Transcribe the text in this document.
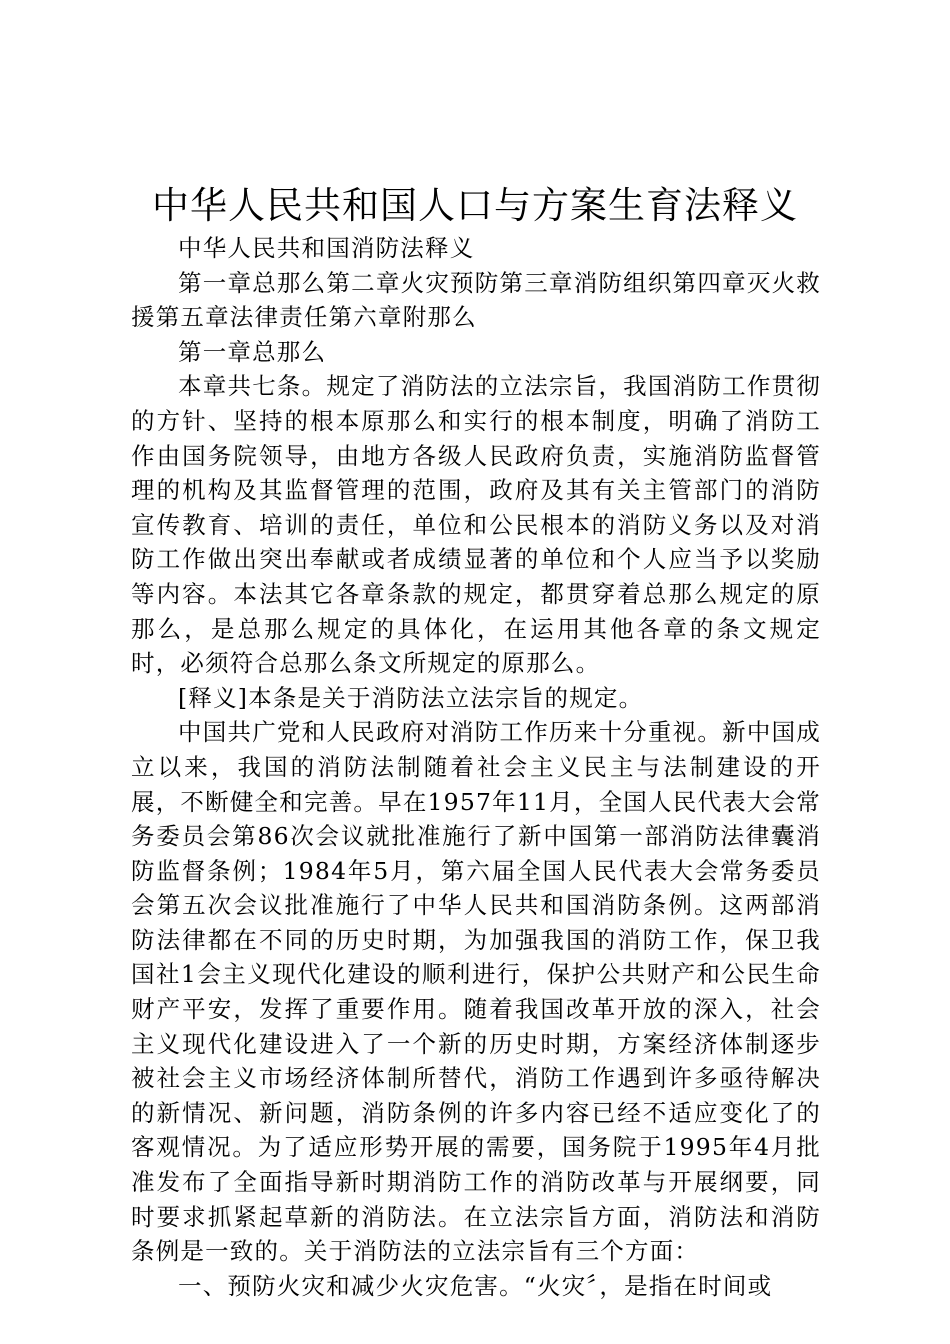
中华人民共和国人口与方案生育法释义

中华人民共和国消防法释义

第一章总那么第二章火灾预防第三章消防组织第四章灭火救援第五章法律责任第六章附那么

第一章总那么

本章共七条。规定了消防法的立法宗旨，我国消防工作贯彻的方针、坚持的根本原那么和实行的根本制度，明确了消防工作由国务院领导，由地方各级人民政府负责，实施消防监督管理的机构及其监督管理的范围，政府及其有关主管部门的消防宣传教育、培训的责任，单位和公民根本的消防义务以及对消防工作做出突出奉献或者成绩显著的单位和个人应当予以奖励等内容。本法其它各章条款的规定，都贯穿着总那么规定的原那么，是总那么规定的具体化，在运用其他各章的条文规定时，必须符合总那么条文所规定的原那么。

[释义]本条是关于消防法立法宗旨的规定。

中国共广党和人民政府对消防工作历来十分重视。新中国成立以来，我国的消防法制随着社会主义民主与法制建设的开展，不断健全和完善。早在1957年11月，全国人民代表大会常务委员会第86次会议就批准施行了新中国第一部消防法律囊消防监督条例；1984年5月，第六届全国人民代表大会常务委员会第五次会议批准施行了中华人民共和国消防条例。这两部消防法律都在不同的历史时期，为加强我国的消防工作，保卫我国社1会主义现代化建设的顺利进行，保护公共财产和公民生命财产平安，发挥了重要作用。随着我国改革开放的深入，社会主义现代化建设进入了一个新的历史时期，方案经济体制逐步被社会主义市场经济体制所替代，消防工作遇到许多亟待解决的新情况、新问题，消防条例的许多内容已经不适应变化了的客观情况。为了适应形势开展的需要，国务院于1995年4月批准发布了全面指导新时期消防工作的消防改革与开展纲要，同时要求抓紧起草新的消防法。在立法宗旨方面，消防法和消防条例是一致的。关于消防法的立法宗旨有三个方面：

一、预防火灾和减少火灾危害。“火灾〞，是指在时间或
